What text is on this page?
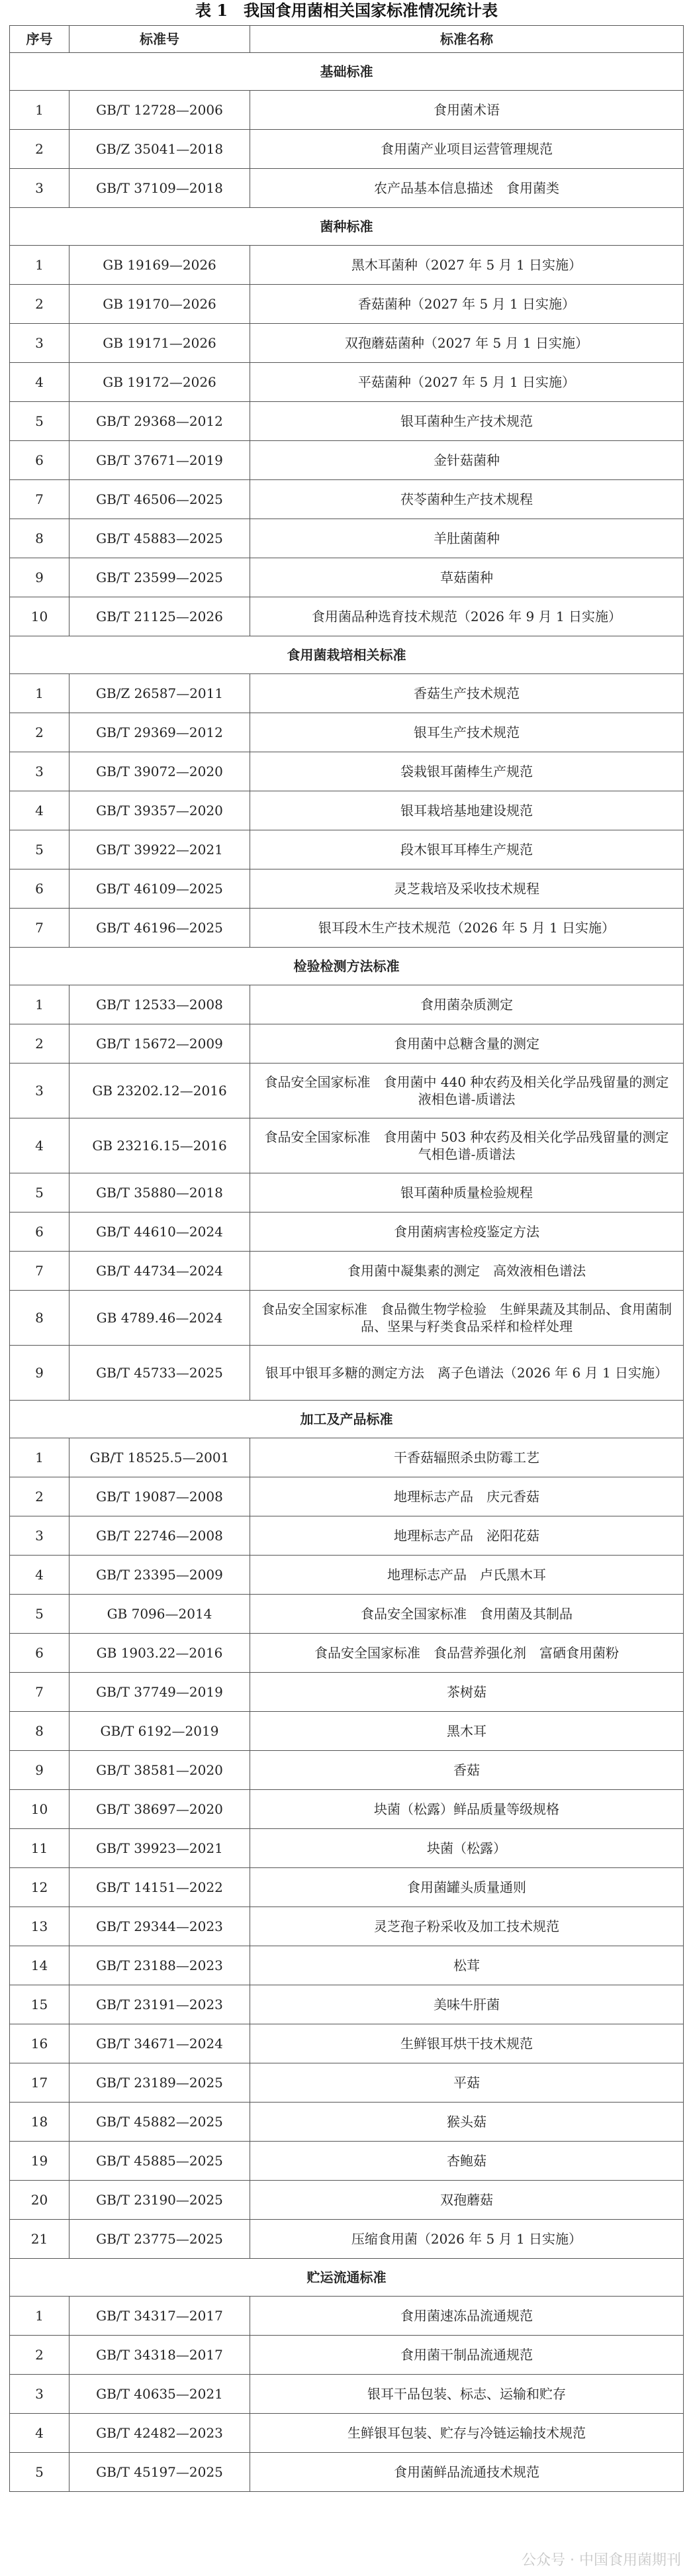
表 1　我国食用菌相关国家标准情况统计表
序号	标准号	标准名称
基础标准		
1	GB/T 12728—2006	食用菌术语
2	GB/Z 35041—2018	食用菌产业项目运营管理规范
3	GB/T 37109—2018	农产品基本信息描述　食用菌类
菌种标准		
1	GB 19169—2026	黑木耳菌种（2027 年 5 月 1 日实施）
2	GB 19170—2026	香菇菌种（2027 年 5 月 1 日实施）
3	GB 19171—2026	双孢蘑菇菌种（2027 年 5 月 1 日实施）
4	GB 19172—2026	平菇菌种（2027 年 5 月 1 日实施）
5	GB/T 29368—2012	银耳菌种生产技术规范
6	GB/T 37671—2019	金针菇菌种
7	GB/T 46506—2025	茯苓菌种生产技术规程
8	GB/T 45883—2025	羊肚菌菌种
9	GB/T 23599—2025	草菇菌种
10	GB/T 21125—2026	食用菌品种选育技术规范（2026 年 9 月 1 日实施）
食用菌栽培相关标准		
1	GB/Z 26587—2011	香菇生产技术规范
2	GB/T 29369—2012	银耳生产技术规范
3	GB/T 39072—2020	袋栽银耳菌棒生产规范
4	GB/T 39357—2020	银耳栽培基地建设规范
5	GB/T 39922—2021	段木银耳耳棒生产规范
6	GB/T 46109—2025	灵芝栽培及采收技术规程
7	GB/T 46196—2025	银耳段木生产技术规范（2026 年 5 月 1 日实施）
检验检测方法标准		
1	GB/T 12533—2008	食用菌杂质测定
2	GB/T 15672—2009	食用菌中总糖含量的测定
3	GB 23202.12—2016	食品安全国家标准　食用菌中 440 种农药及相关化学品残留量的测定　液相色谱-质谱法
4	GB 23216.15—2016	食品安全国家标准　食用菌中 503 种农药及相关化学品残留量的测定　气相色谱-质谱法
5	GB/T 35880—2018	银耳菌种质量检验规程
6	GB/T 44610—2024	食用菌病害检疫鉴定方法
7	GB/T 44734—2024	食用菌中凝集素的测定　高效液相色谱法
8	GB 4789.46—2024	食品安全国家标准　食品微生物学检验　生鲜果蔬及其制品、食用菌制品、坚果与籽类食品采样和检样处理
9	GB/T 45733—2025	银耳中银耳多糖的测定方法　离子色谱法（2026 年 6 月 1 日实施）
加工及产品标准		
1	GB/T 18525.5—2001	干香菇辐照杀虫防霉工艺
2	GB/T 19087—2008	地理标志产品　庆元香菇
3	GB/T 22746—2008	地理标志产品　泌阳花菇
4	GB/T 23395—2009	地理标志产品　卢氏黑木耳
5	GB 7096—2014	食品安全国家标准　食用菌及其制品
6	GB 1903.22—2016	食品安全国家标准　食品营养强化剂　富硒食用菌粉
7	GB/T 37749—2019	茶树菇
8	GB/T 6192—2019	黑木耳
9	GB/T 38581—2020	香菇
10	GB/T 38697—2020	块菌（松露）鲜品质量等级规格
11	GB/T 39923—2021	块菌（松露）
12	GB/T 14151—2022	食用菌罐头质量通则
13	GB/T 29344—2023	灵芝孢子粉采收及加工技术规范
14	GB/T 23188—2023	松茸
15	GB/T 23191—2023	美味牛肝菌
16	GB/T 34671—2024	生鲜银耳烘干技术规范
17	GB/T 23189—2025	平菇
18	GB/T 45882—2025	猴头菇
19	GB/T 45885—2025	杏鲍菇
20	GB/T 23190—2025	双孢蘑菇
21	GB/T 23775—2025	压缩食用菌（2026 年 5 月 1 日实施）
贮运流通标准		
1	GB/T 34317—2017	食用菌速冻品流通规范
2	GB/T 34318—2017	食用菌干制品流通规范
3	GB/T 40635—2021	银耳干品包装、标志、运输和贮存
4	GB/T 42482—2023	生鲜银耳包装、贮存与冷链运输技术规范
5	GB/T 45197—2025	食用菌鲜品流通技术规范
公众号 · 中国食用菌期刊
